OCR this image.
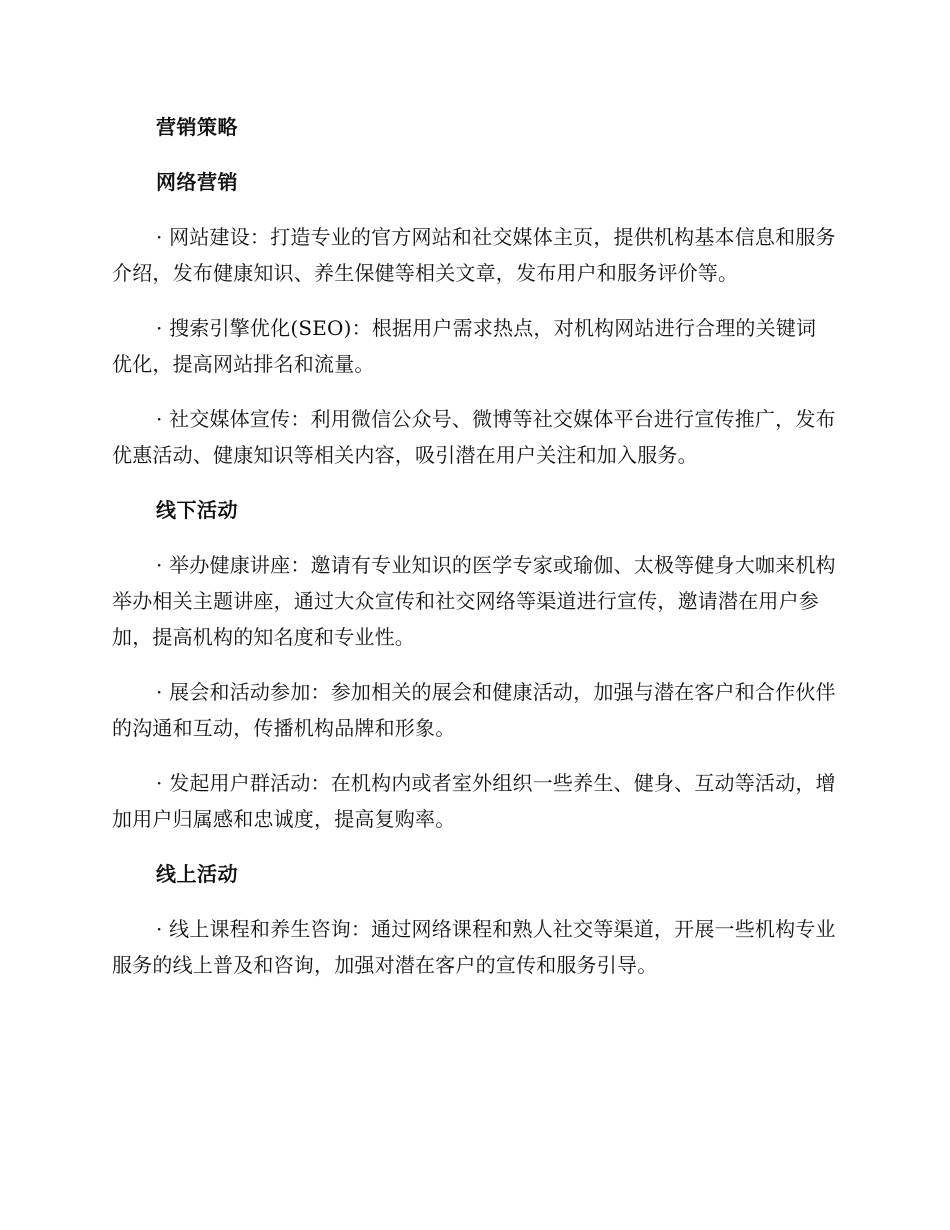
营销策略
网络营销

· 网站建设：打造专业的官方网站和社交媒体主页，提供机构基本信息和服务介绍，发布健康知识、养生保健等相关文章，发布用户和服务评价等。

· 搜索引擎优化(SEO)：根据用户需求热点，对机构网站进行合理的关键词优化，提高网站排名和流量。

· 社交媒体宣传：利用微信公众号、微博等社交媒体平台进行宣传推广，发布优惠活动、健康知识等相关内容，吸引潜在用户关注和加入服务。

线下活动

· 举办健康讲座：邀请有专业知识的医学专家或瑜伽、太极等健身大咖来机构举办相关主题讲座，通过大众宣传和社交网络等渠道进行宣传，邀请潜在用户参加，提高机构的知名度和专业性。

· 展会和活动参加：参加相关的展会和健康活动，加强与潜在客户和合作伙伴的沟通和互动，传播机构品牌和形象。

· 发起用户群活动：在机构内或者室外组织一些养生、健身、互动等活动，增加用户归属感和忠诚度，提高复购率。

线上活动

· 线上课程和养生咨询：通过网络课程和熟人社交等渠道，开展一些机构专业服务的线上普及和咨询，加强对潜在客户的宣传和服务引导。
